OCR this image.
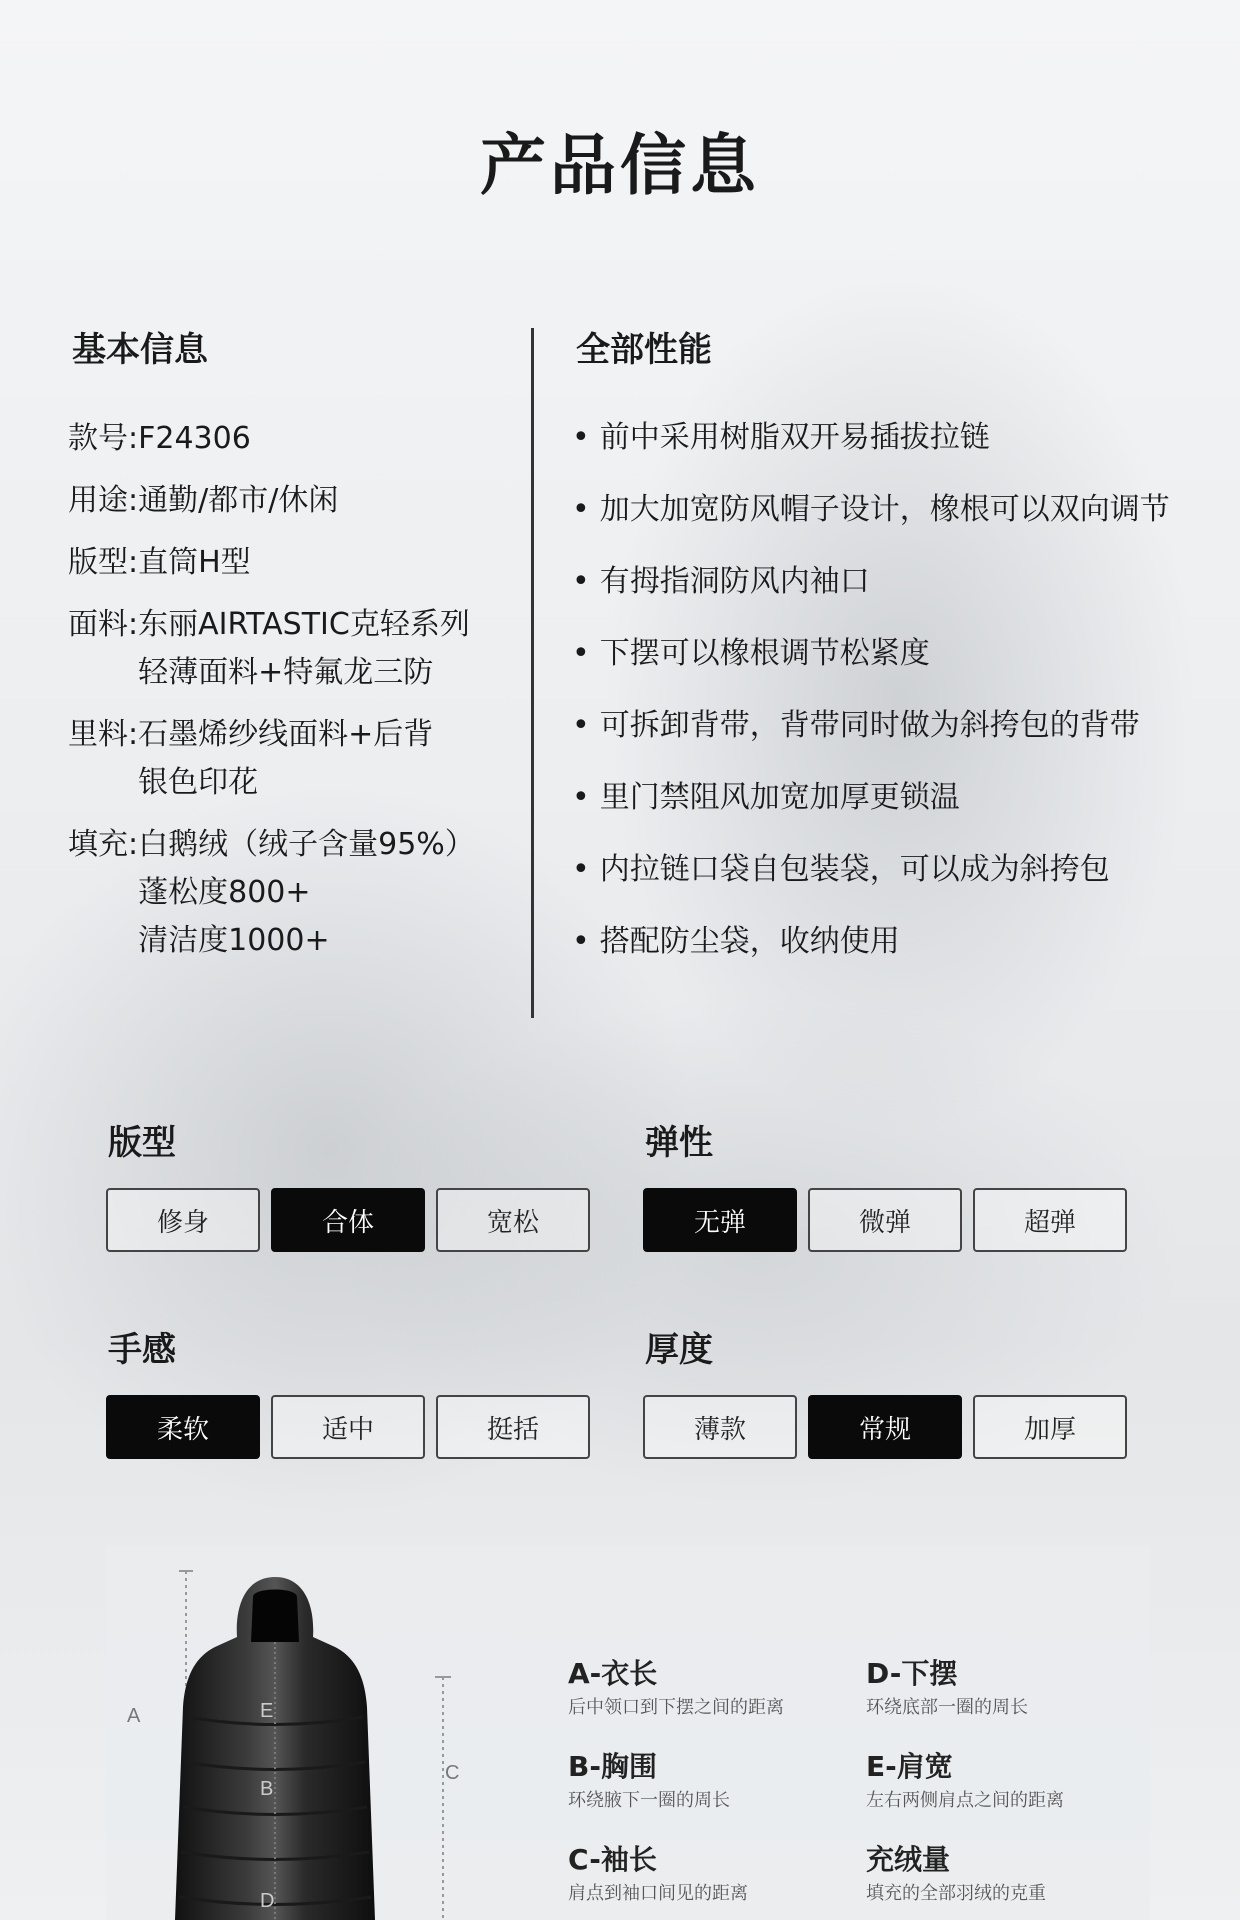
产品信息
基本信息	全部性能
款号: F24306
用途: 通勤/都市/休闲
版型: 直筒H型
面料: 东丽AIRTASTIC克轻系列
轻薄面料+特氟龙三防
里料: 石墨烯纱线面料+后背
银色印花
填充: 白鹅绒（绒子含量95%）
蓬松度800+
清洁度1000+
• 前中采用树脂双开易插拔拉链
• 加大加宽防风帽子设计，橡根可以双向调节
• 有拇指洞防风内袖口
• 下摆可以橡根调节松紧度
• 可拆卸背带，背带同时做为斜挎包的背带
• 里门禁阻风加宽加厚更锁温
• 内拉链口袋自包装袋，可以成为斜挎包
• 搭配防尘袋，收纳使用
版型
修身	合体	宽松
弹性
无弹	微弹	超弹
手感
柔软	适中	挺括
厚度
薄款	常规	加厚
A
B
C
D
E
A-衣长
后中领口到下摆之间的距离
D-下摆
环绕底部一圈的周长
B-胸围
环绕腋下一圈的周长
E-肩宽
左右两侧肩点之间的距离
C-袖长
肩点到袖口间见的距离
充绒量
填充的全部羽绒的克重
